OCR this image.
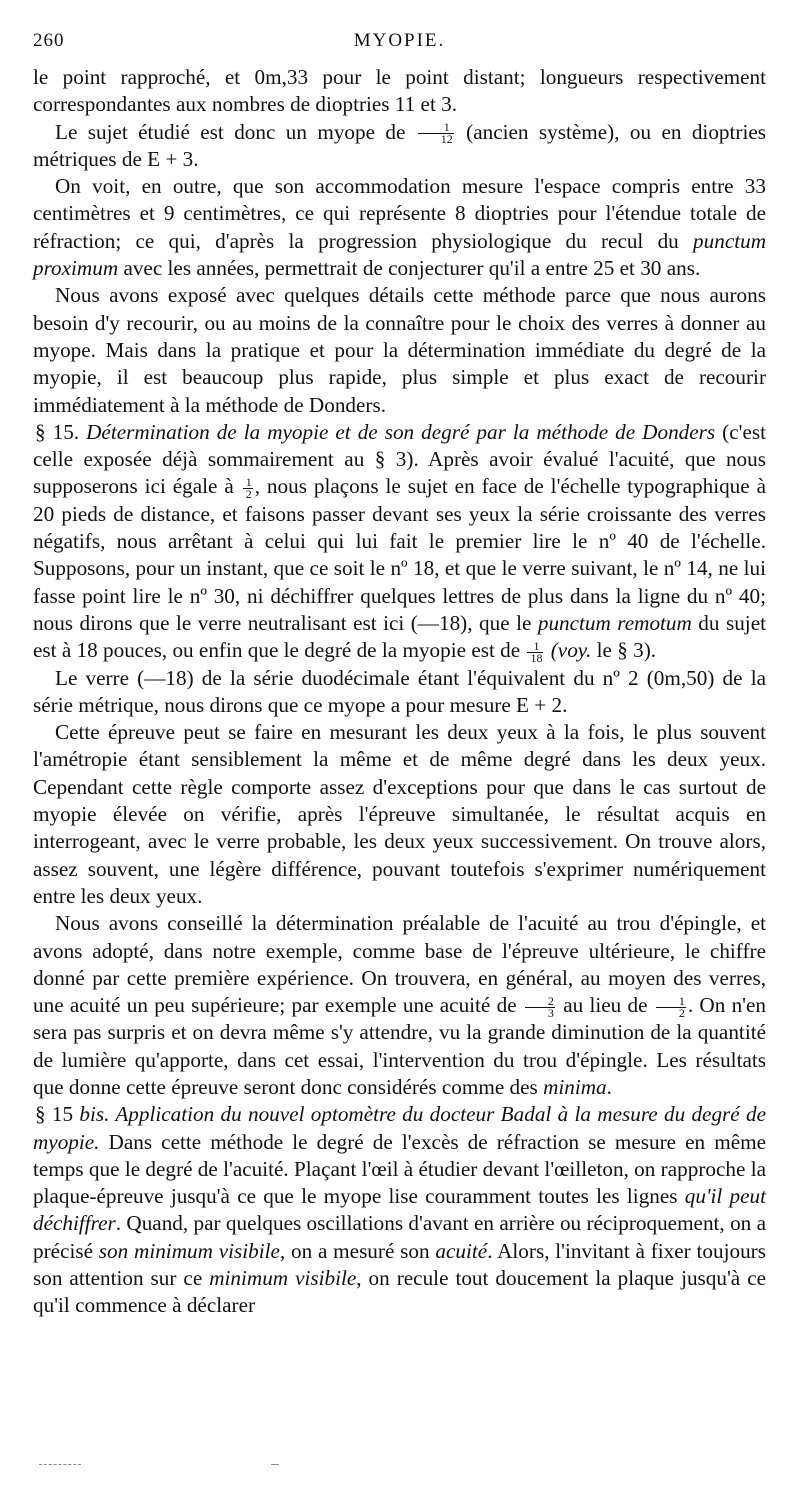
260	MYOPIE.

le point rapproché, et 0m,33 pour le point distant; longueurs respectivement correspondantes aux nombres de dioptries 11 et 3.

Le sujet étudié est donc un myope de $\frac{1}{12}$ (ancien système), ou en dioptries métriques de E + 3.

On voit, en outre, que son accommodation mesure l'espace compris entre 33 centimètres et 9 centimètres, ce qui représente 8 dioptries pour l'étendue totale de réfraction; ce qui, d'après la progression physiologique du recul du punctum proximum avec les années, permettrait de conjecturer qu'il a entre 25 et 30 ans.

Nous avons exposé avec quelques détails cette méthode parce que nous aurons besoin d'y recourir, ou au moins de la connaître pour le choix des verres à donner au myope. Mais dans la pratique et pour la détermination immédiate du degré de la myopie, il est beaucoup plus rapide, plus simple et plus exact de recourir immédiatement à la méthode de Donders.

§ 15. Détermination de la myopie et de son degré par la méthode de Donders (c'est celle exposée déjà sommairement au § 3). Après avoir évalué l'acuité, que nous supposerons ici égale à $\frac{1}{2}$ , nous plaçons le sujet en face de l'échelle typographique à 20 pieds de distance, et faisons passer devant ses yeux la série croissante des verres négatifs, nous arrêtant à celui qui lui fait le premier lire le nº 40 de l'échelle. Supposons, pour un instant, que ce soit le nº 18, et que le verre suivant, le nº 14, ne lui fasse point lire le nº 30, ni déchiffrer quelques lettres de plus dans la ligne du nº 40; nous dirons que le verre neutralisant est ici (—18), que le punctum remotum du sujet est à 18 pouces, ou enfin que le degré de la myopie est de $\frac{1}{18} (voy$. le § 3).

Le verre (—18) de la série duodécimale étant l'équivalent du nº 2 (0m,50) de la série métrique, nous dirons que ce myope a pour mesure E + 2.

Cette épreuve peut se faire en mesurant les deux yeux à la fois, le plus souvent l'amétropie étant sensiblement la même et de même degré dans les deux yeux. Cependant cette règle comporte assez d'exceptions pour que dans le cas surtout de myopie élevée on vérifie, après l'épreuve simultanée, le résultat acquis en interrogeant, avec le verre probable, les deux yeux successivement. On trouve alors, assez souvent, une légère différence, pouvant toutefois s'exprimer numériquement entre les deux yeux.

Nous avons conseillé la détermination préalable de l'acuité au trou d'épingle, et avons adopté, dans notre exemple, comme base de l'épreuve ultérieure, le chiffre donné par cette première expérience. On trouvera, en général, au moyen des verres, une acuité un peu supérieure; par exemple une acuité de $\frac{2}{3}$ au lieu de $\frac{1}{2}$ . On n'en sera pas surpris et on devra même s'y attendre, vu la grande diminution de la quantité de lumière qu'apporte, dans cet essai, l'intervention du trou d'épingle. Les résultats que donne cette épreuve seront donc considérés comme des minima.

§ 15 bis. Application du nouvel optomètre du docteur Badal à la mesure du degré de myopie. Dans cette méthode le degré de l'excès de réfraction se mesure en même temps que le degré de l'acuité. Plaçant l'œil à étudier devant l'œilleton, on rapproche la plaque-épreuve jusqu'à ce que le myope lise couramment toutes les lignes qu'il peut déchiffrer. Quand, par quelques oscillations d'avant en arrière ou réciproquement, on a précisé son minimum visibile, on a mesuré son acuité. Alors, l'invitant à fixer toujours son attention sur ce minimum visibile, on recule tout doucement la plaque jusqu'à ce qu'il commence à déclarer
